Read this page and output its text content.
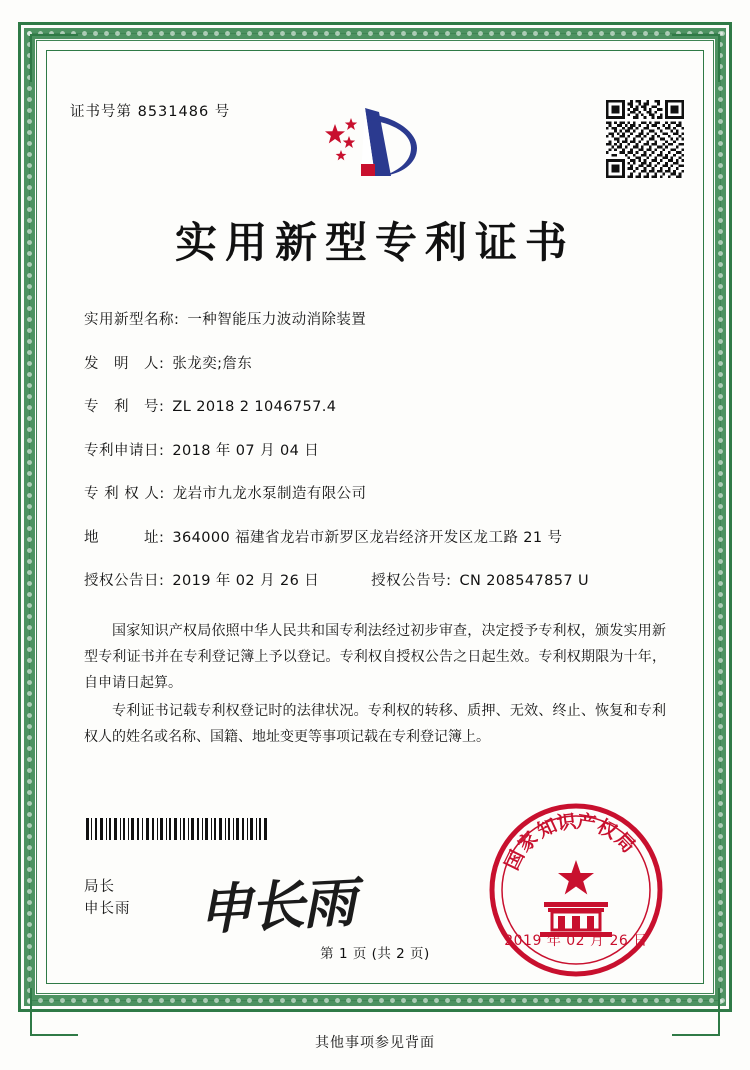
证书号第 8531486 号
实用新型专利证书
实用新型名称: 一种智能压力波动消除装置
发　明　人: 张龙奕;詹东
专　利　号: ZL 2018 2 1046757.4
专利申请日: 2018 年 07 月 04 日
专 利 权 人: 龙岩市九龙水泵制造有限公司
地　　　址: 364000 福建省龙岩市新罗区龙岩经济开发区龙工路 21 号
授权公告日: 2019 年 02 月 26 日	授权公告号: CN 208547857 U

国家知识产权局依照中华人民共和国专利法经过初步审查，决定授予专利权，颁发实用新型专利证书并在专利登记簿上予以登记。专利权自授权公告之日起生效。专利权期限为十年，自申请日起算。

专利证书记载专利权登记时的法律状况。专利权的转移、质押、无效、终止、恢复和专利权人的姓名或名称、国籍、地址变更等事项记载在专利登记簿上。

局长
申长雨 申长雨
国
家
知
识
产
权
局
2019 年 02 月 26 日
第 1 页 (共 2 页)
其他事项参见背面
